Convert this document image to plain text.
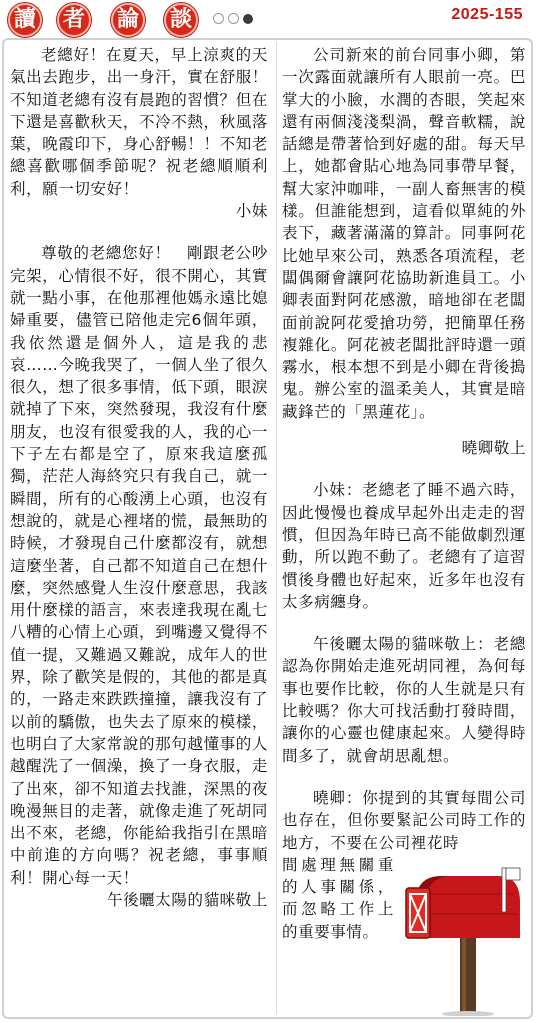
讀 者 論 談	2025-155

老總好！在夏天，早上涼爽的天氣出去跑步，出一身汗，實在舒服！不知道老總有沒有晨跑的習慣？但在下還是喜歡秋天，不冷不熱，秋風落葉，晚霞印下，身心舒暢！！不知老總喜歡哪個季節呢？祝老總順順利利，願一切安好！

小妹

尊敬的老總您好！　剛跟老公吵完架，心情很不好，很不開心，其實就一點小事，在他那裡他媽永遠比媳婦重要，儘管已陪他走完6個年頭，我依然還是個外人，這是我的悲哀……今晚我哭了，一個人坐了很久很久，想了很多事情，低下頭，眼淚就掉了下來，突然發現，我沒有什麼朋友，也沒有很愛我的人，我的心一下子左右都是空了，原來我這麼孤獨，茫茫人海終究只有我自己，就一瞬間，所有的心酸湧上心頭，也沒有想說的，就是心裡堵的慌，最無助的時候，才發現自己什麼都沒有，就想這麼坐著，自己都不知道自己在想什麼，突然感覺人生沒什麼意思，我該用什麼樣的語言，來表達我現在亂七八糟的心情上心頭，到嘴邊又覺得不值一提，又難過又難說，成年人的世界，除了歡笑是假的，其他的都是真的，一路走來跌跌撞撞，讓我沒有了以前的驕傲，也失去了原來的模樣，也明白了大家常說的那句越懂事的人越醒洗了一個澡，換了一身衣服，走了出來，卻不知道去找誰，深黑的夜晚漫無目的走著，就像走進了死胡同出不來，老總，你能給我指引在黑暗中前進的方向嗎？祝老總，事事順利！開心每一天！

午後曬太陽的貓咪敬上

公司新來的前台同事小卿，第一次露面就讓所有人眼前一亮。巴掌大的小臉，水潤的杏眼，笑起來還有兩個淺淺梨渦，聲音軟糯，說話總是帶著恰到好處的甜。每天早上，她都會貼心地為同事帶早餐，幫大家沖咖啡，一副人畜無害的模樣。但誰能想到，這看似單純的外表下，藏著滿滿的算計。同事阿花比她早來公司，熟悉各項流程，老闆偶爾會讓阿花協助新進員工。小卿表面對阿花感激，暗地卻在老闆面前說阿花愛搶功勞，把簡單任務複雜化。阿花被老闆批評時還一頭霧水，根本想不到是小卿在背後搗鬼。辦公室的溫柔美人，其實是暗藏鋒芒的「黑蓮花」。

曉卿敬上

小妹：老總老了睡不過六時，因此慢慢也養成早起外出走走的習慣，但因為年時已高不能做劇烈運動，所以跑不動了。老總有了這習慣後身體也好起來，近多年也沒有太多病纏身。

午後曬太陽的貓咪敬上：老總認為你開始走進死胡同裡，為何每事也要作比較，你的人生就是只有比較嗎？你大可找活動打發時間，讓你的心靈也健康起來。人變得時間多了，就會胡思亂想。

曉卿：你提到的其實每間公司也存在，但你要緊記公司時工作的地方，不要在公司裡花時

間處理無關重的人事關係，而忽略工作上的重要事情。
